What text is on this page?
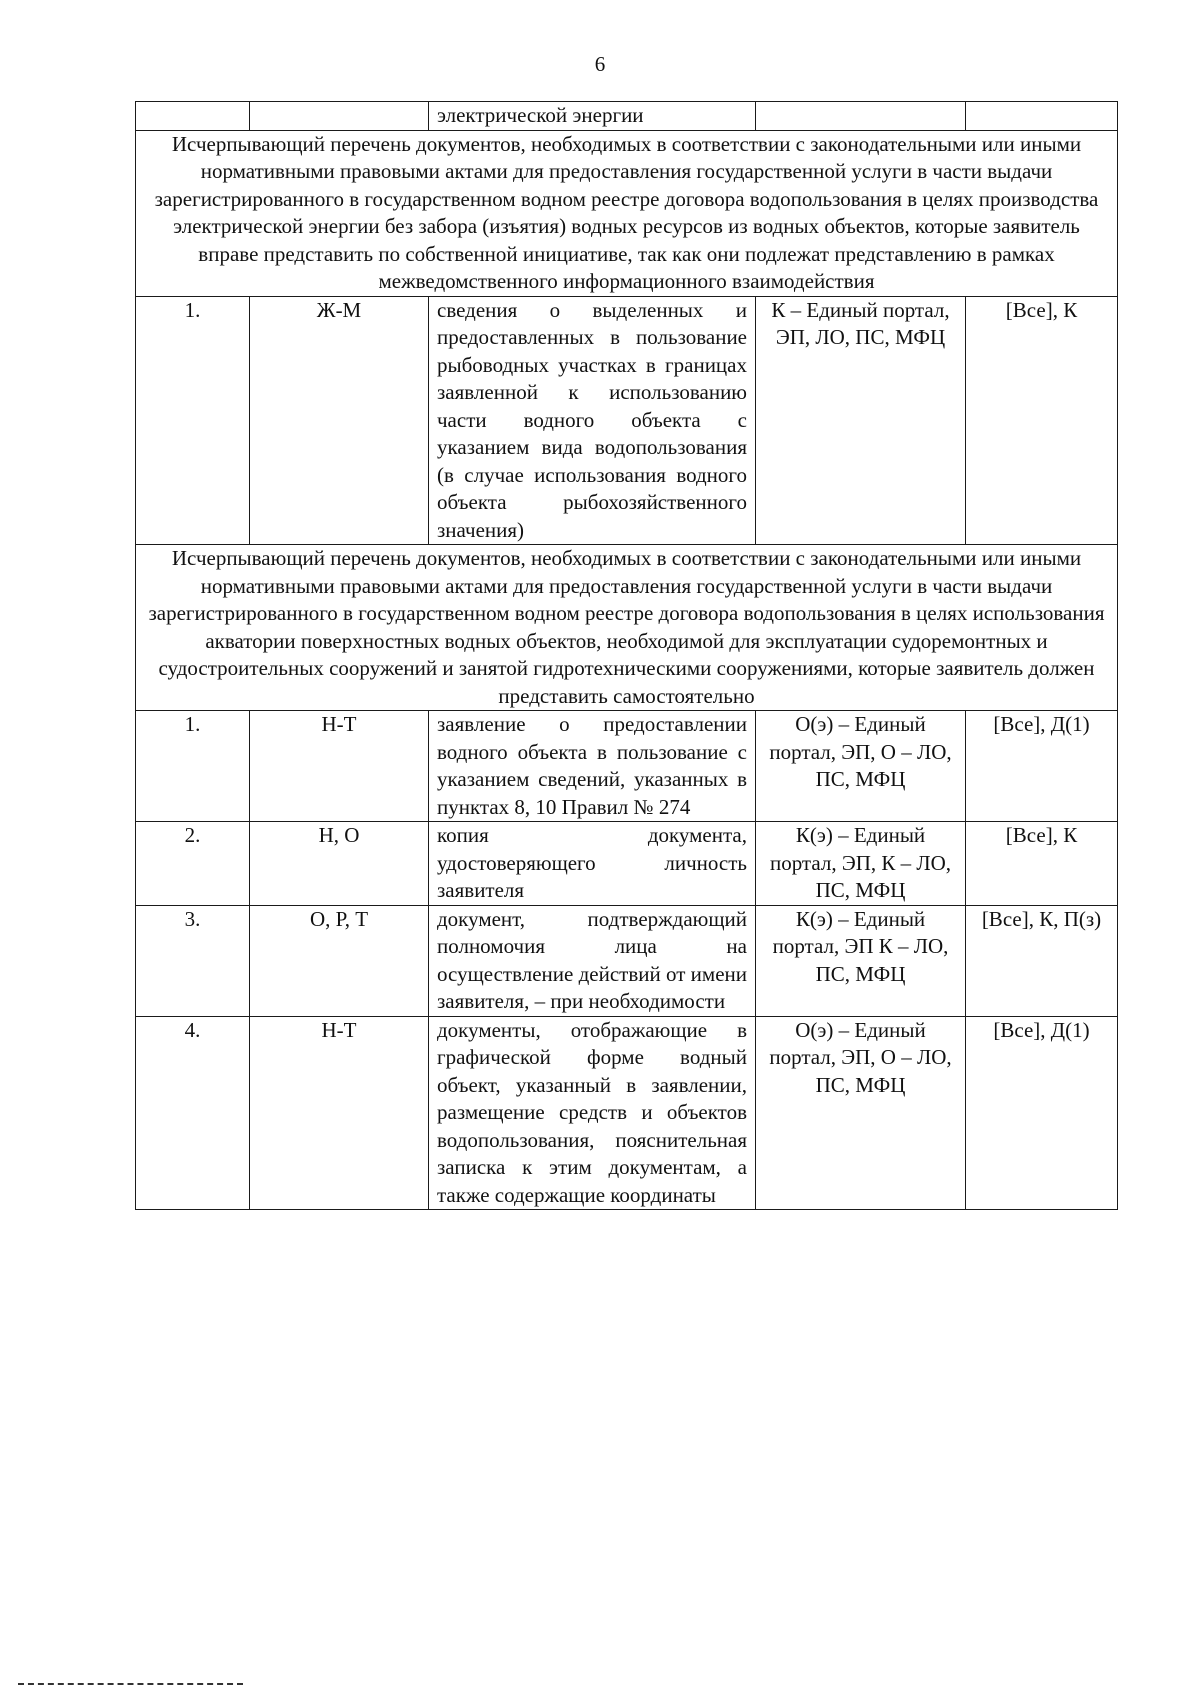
6
		электрической энергии		
Исчерпывающий перечень документов, необходимых в соответствии с законодательными или иными нормативными правовыми актами для предоставления государственной услуги в части выдачи зарегистрированного в государственном водном реестре договора водопользования в целях производства электрической энергии без забора (изъятия) водных ресурсов из водных объектов, которые заявитель вправе представить по собственной инициативе, так как они подлежат представлению в рамках межведомственного информационного взаимодействия				
1.	Ж-М	сведения о выделенных и предоставленных в пользование рыбоводных участках в границах заявленной к использованию части водного объекта с указанием вида водопользования (в случае использования водного объекта рыбохозяйственного значения)	К – Единый портал, ЭП, ЛО, ПС, МФЦ	[Все], К
Исчерпывающий перечень документов, необходимых в соответствии с законодательными или иными нормативными правовыми актами для предоставления государственной услуги в части выдачи зарегистрированного в государственном водном реестре договора водопользования в целях использования акватории поверхностных водных объектов, необходимой для эксплуатации судоремонтных и судостроительных сооружений и занятой гидротехническими сооружениями, которые заявитель должен представить самостоятельно				
1.	Н-Т	заявление о предоставлении водного объекта в пользование с указанием сведений, указанных в пунктах 8, 10 Правил № 274	О(э) – Единый портал, ЭП, О – ЛО, ПС, МФЦ	[Все], Д(1)
2.	Н, О	копия документа, удостоверяющего личность заявителя	К(э) – Единый портал, ЭП, К – ЛО, ПС, МФЦ	[Все], К
3.	О, Р, Т	документ, подтверждающий полномочия лица на осуществление действий от имени заявителя, – при необходимости	К(э) – Единый портал, ЭП К – ЛО, ПС, МФЦ	[Все], К, П(з)
4.	Н-Т	документы, отображающие в графической форме водный объект, указанный в заявлении, размещение средств и объектов водопользования, пояснительная записка к этим документам, а также содержащие координаты	О(э) – Единый портал, ЭП, О – ЛО, ПС, МФЦ	[Все], Д(1)
